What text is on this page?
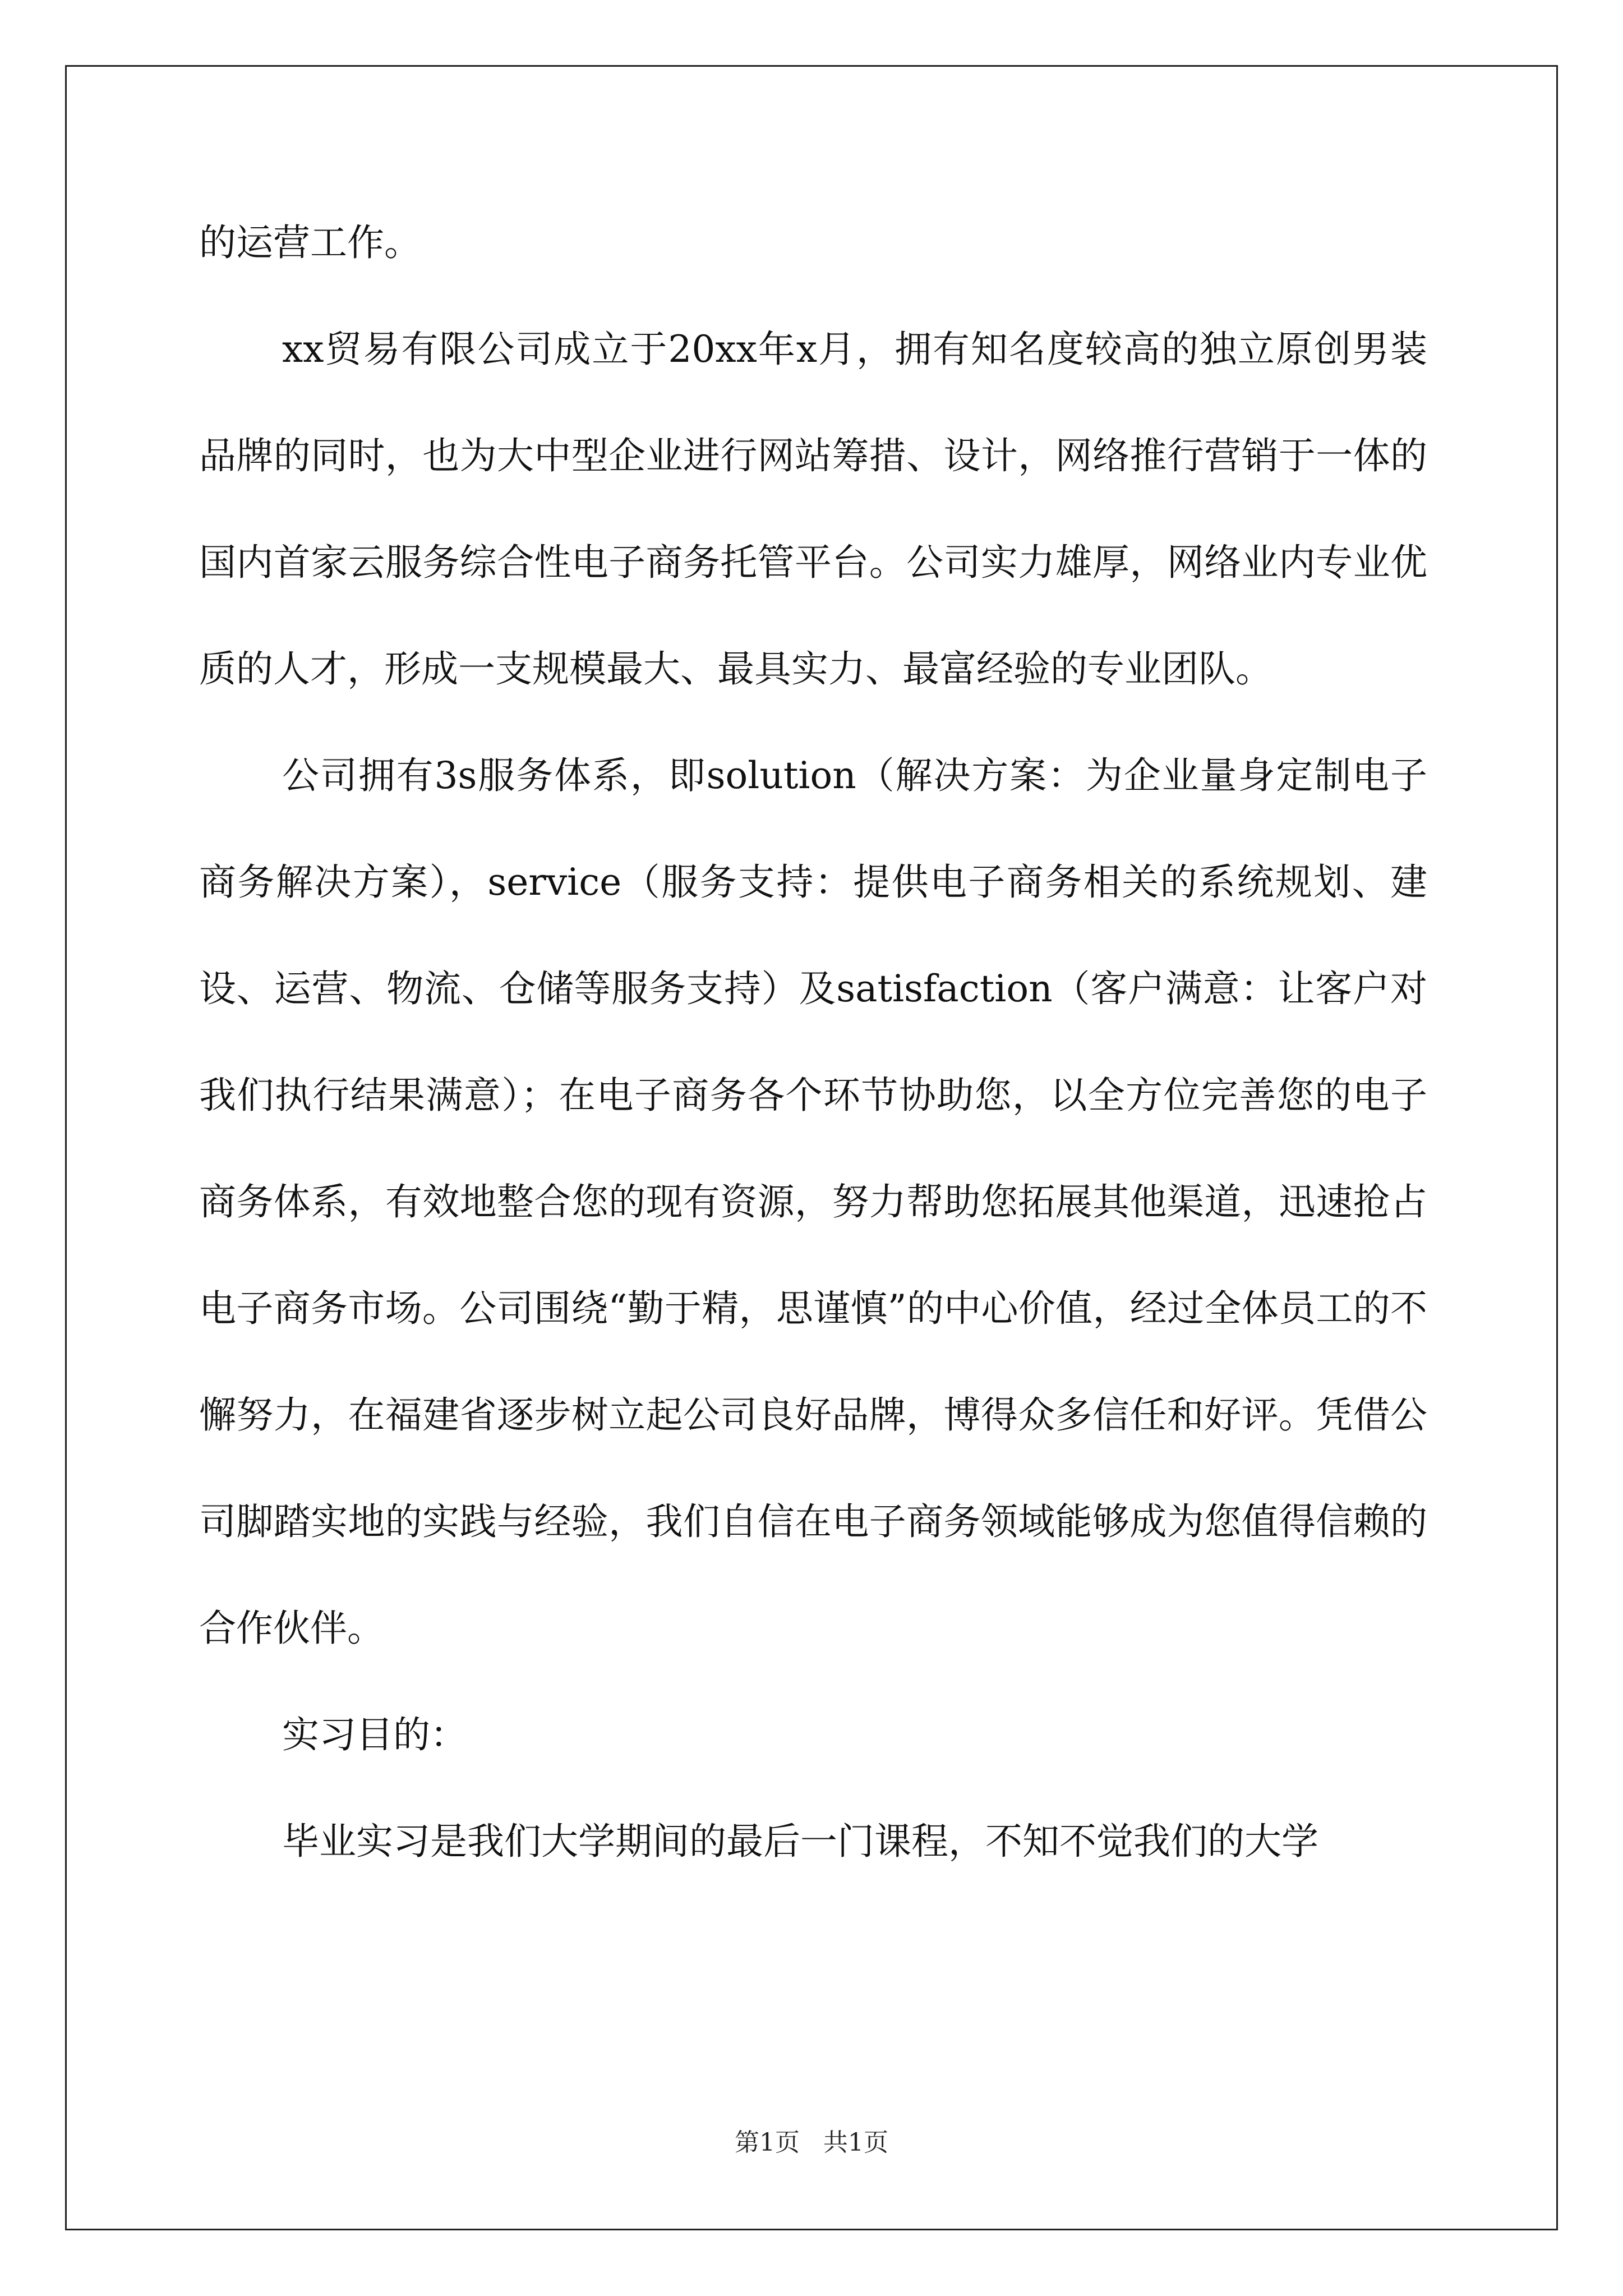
的运营工作。

xx贸易有限公司成立于20xx年x月，拥有知名度较高的独立原创男装品牌的同时，也为大中型企业进行网站筹措、设计，网络推行营销于一体的国内首家云服务综合性电子商务托管平台。公司实力雄厚，网络业内专业优质的人才，形成一支规模最大、最具实力、最富经验的专业团队。

公司拥有3s服务体系，即solution（解决方案：为企业量身定制电子商务解决方案），service（服务支持：提供电子商务相关的系统规划、建设、运营、物流、仓储等服务支持）及satisfaction（客户满意：让客户对我们执行结果满意）；在电子商务各个环节协助您，以全方位完善您的电子商务体系，有效地整合您的现有资源，努力帮助您拓展其他渠道，迅速抢占电子商务市场。公司围绕“勤于精，思谨慎”的中心价值，经过全体员工的不懈努力，在福建省逐步树立起公司良好品牌，博得众多信任和好评。凭借公司脚踏实地的实践与经验，我们自信在电子商务领域能够成为您值得信赖的合作伙伴。

实习目的：

毕业实习是我们大学期间的最后一门课程，不知不觉我们的大学

第1页 共1页
